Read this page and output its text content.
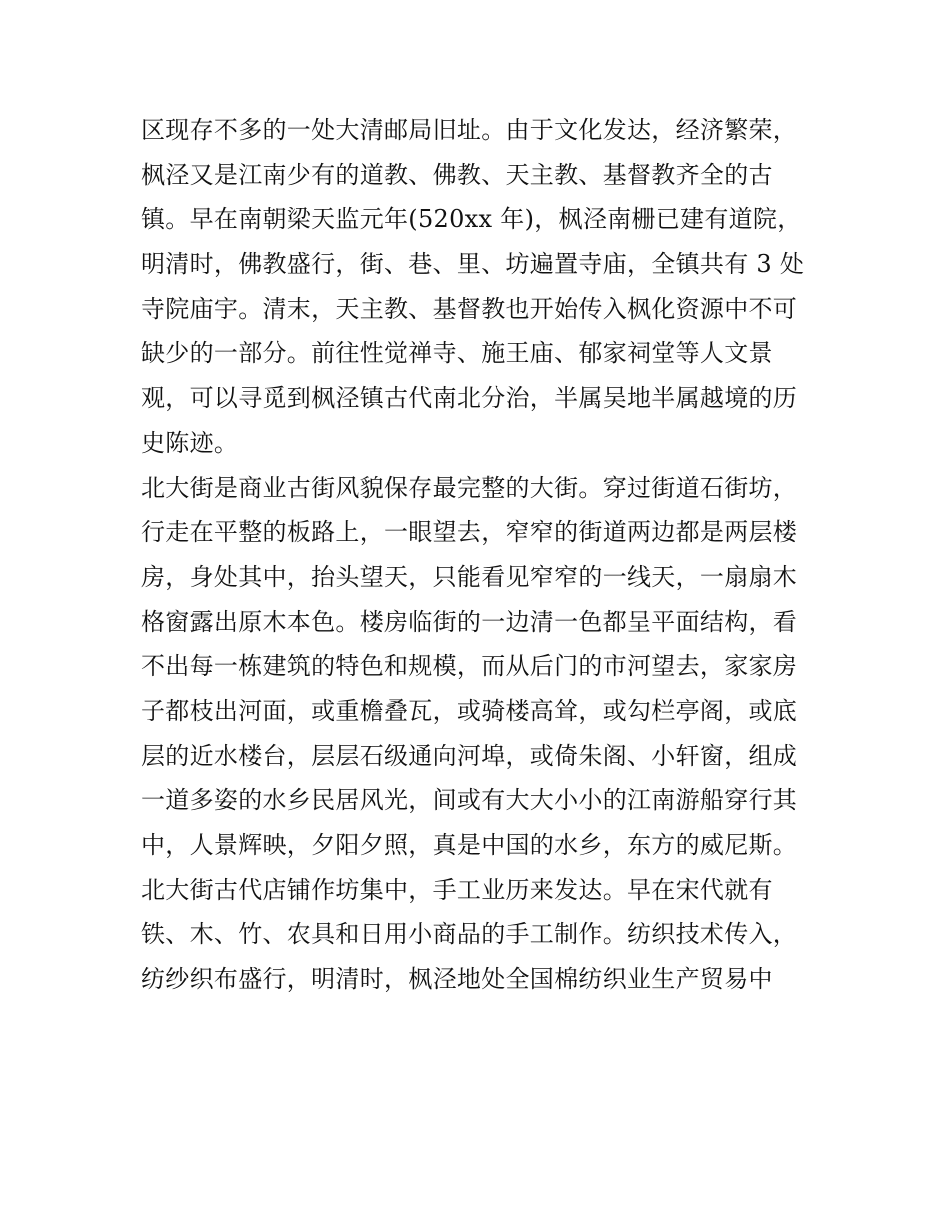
区现存不多的一处大清邮局旧址。由于文化发达，经济繁荣，
枫泾又是江南少有的道教、佛教、天主教、基督教齐全的古
镇。早在南朝梁天监元年(520xx 年)，枫泾南栅已建有道院，
明清时，佛教盛行，街、巷、里、坊遍置寺庙，全镇共有 3 处
寺院庙宇。清末，天主教、基督教也开始传入枫化资源中不可
缺少的一部分。前往性觉禅寺、施王庙、郁家祠堂等人文景
观，可以寻觅到枫泾镇古代南北分治，半属吴地半属越境的历
史陈迹。
北大街是商业古街风貌保存最完整的大街。穿过街道石街坊，
行走在平整的板路上，一眼望去，窄窄的街道两边都是两层楼
房，身处其中，抬头望天，只能看见窄窄的一线天，一扇扇木
格窗露出原木本色。楼房临街的一边清一色都呈平面结构，看
不出每一栋建筑的特色和规模，而从后门的市河望去，家家房
子都枝出河面，或重檐叠瓦，或骑楼高耸，或勾栏亭阁，或底
层的近水楼台，层层石级通向河埠，或倚朱阁、小轩窗，组成
一道多姿的水乡民居风光，间或有大大小小的江南游船穿行其
中，人景辉映，夕阳夕照，真是中国的水乡，东方的威尼斯。
北大街古代店铺作坊集中，手工业历来发达。早在宋代就有
铁、木、竹、农具和日用小商品的手工制作。纺织技术传入，
纺纱织布盛行，明清时，枫泾地处全国棉纺织业生产贸易中
